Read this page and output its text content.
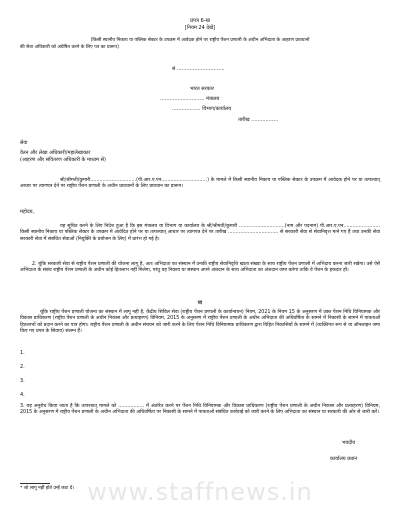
प्रपत्र 6-ख
[नियम 24 देखें]
[किसी स्थानीय निकाय या पब्लिक सेक्टर के उपक्रम में आवेदक होने पर राष्ट्रीय पेंशन प्रणाली के अधीन अभिदाता के आहरण प्रावधानों
की सेवा अधिकारी को अग्रेषित करने के लिए पत्र का प्रारूप]
सं ..............................
भारत सरकार
............................ मंत्रालय
.................. विभाग/कार्यालय
तारीख .................
सेवा
वेतन और लेखा अधिकारी/महालेखाकार
(आहरण और संवितरण अधिकारी के माध्यम से)
श्री/श्रीमती/कुमारी..............................(पी.आर.ए.एन..............................) के मामले में किसी स्थानीय निकाय या पब्लिक सेक्टर के उपक्रम में आवेदक होने पर या तत्पश्चात् आधार पर त्यागपत्र देने पर राष्ट्रीय पेंशन प्रणाली के अधीन प्रावधानों के लिए प्रावधान का प्रारूप।
महोदय,
यह सूचित करने के लिए निदेश हुआ है कि इस मंत्रालय या विभाग या कार्यालय के श्री/श्रीमती/कुमारी ..............................(नाम और पदनाम) पी.आर.ए.एन........................ किसी स्थानीय निकाय या पब्लिक सेक्टर के उपक्रम में आवेदित होने पर या तत्पश्चात् आधार पर त्यागपत्र देने पर तारीख ................................. से सरकारी सेवा से सेवानिवृत्त माने गए हैं तथा उनकी सेवा सरकारी सेवा में संबंधित सेवाओं (नियुक्ति के प्रयोजन के लिए) में प्रारंभ हो गई है।
2. चूंकि सरकारी सेवा से राष्ट्रीय पेंशन प्रणाली की योजना लागू है, अतः अभिदाता का संस्थान में उनकी राष्ट्रीय सेवानिवृत्ति खाता संख्या के साथ राष्ट्रीय पेंशन प्रणाली में अभिदाय करना जारी रखेगा। उसे ऐसे अभिदाता के संबंध राष्ट्रीय पेंशन प्रणाली के अधीन कोई हितलाभ नहीं मिलेगा, परंतु वह निकाय या संस्थान अपने अंशदान के साथ अभिदाता का अंशदान जमा करेगा ताकि वे पेंशन के हकदार हों।
या
चूंकि राष्ट्रीय पेंशन प्रणाली योजना का संस्थान में लागू नहीं है, केंद्रीय सिविल सेवा (राष्ट्रीय पेंशन प्रणाली के कार्यान्वयन) नियम, 2021 के नियम 15 के अनुसरण में उक्त पेंशन निधि विनियामक और विकास प्राधिकरण (राष्ट्रीय पेंशन प्रणाली के अधीन निकास और प्रत्याहरण) विनियम, 2015 के अनुसरण में राष्ट्रीय पेंशन प्रणाली के अधीन अभिदाता की अधिवर्षिता के सामने में निकासी के सामने में पात्रताओं हितलाभों को प्रदान करने का पात्र होगा। राष्ट्रीय पेंशन प्रणाली के अधीन संचयन को जारी करने के लिए पेंशन निधि विनियामक प्राधिकरण द्वारा विहित निकासियों के सामने में (व्यक्तिगत रूप से या ऑनलाइन जमा किए गए प्रपत्र के सिवाय) संलग्न हैं।
1.
2.
3.
4.
3. यह अनुरोध किया जाता है कि तत्पश्चात् मामले को ................. में अंतरित करने पर पेंशन निधि विनियामक और विकास प्राधिकरण (राष्ट्रीय पेंशन प्रणाली के अधीन निकास और प्रत्याहरण) विनियम, 2015 के अनुसरण में राष्ट्रीय पेंशन प्रणाली के अधीन अभिदाता की अधिवर्षिता पर निकासी के सामने में पात्रताओं संबंधित कार्रवाई को जारी करने के लिए अभिदाता का संस्थान या सरकारी की ओर से जारी करें।
भवदीय
कार्यालय प्रधान
* जो लागू नहीं होते उन्हें काट दें। www.staffnews.in
